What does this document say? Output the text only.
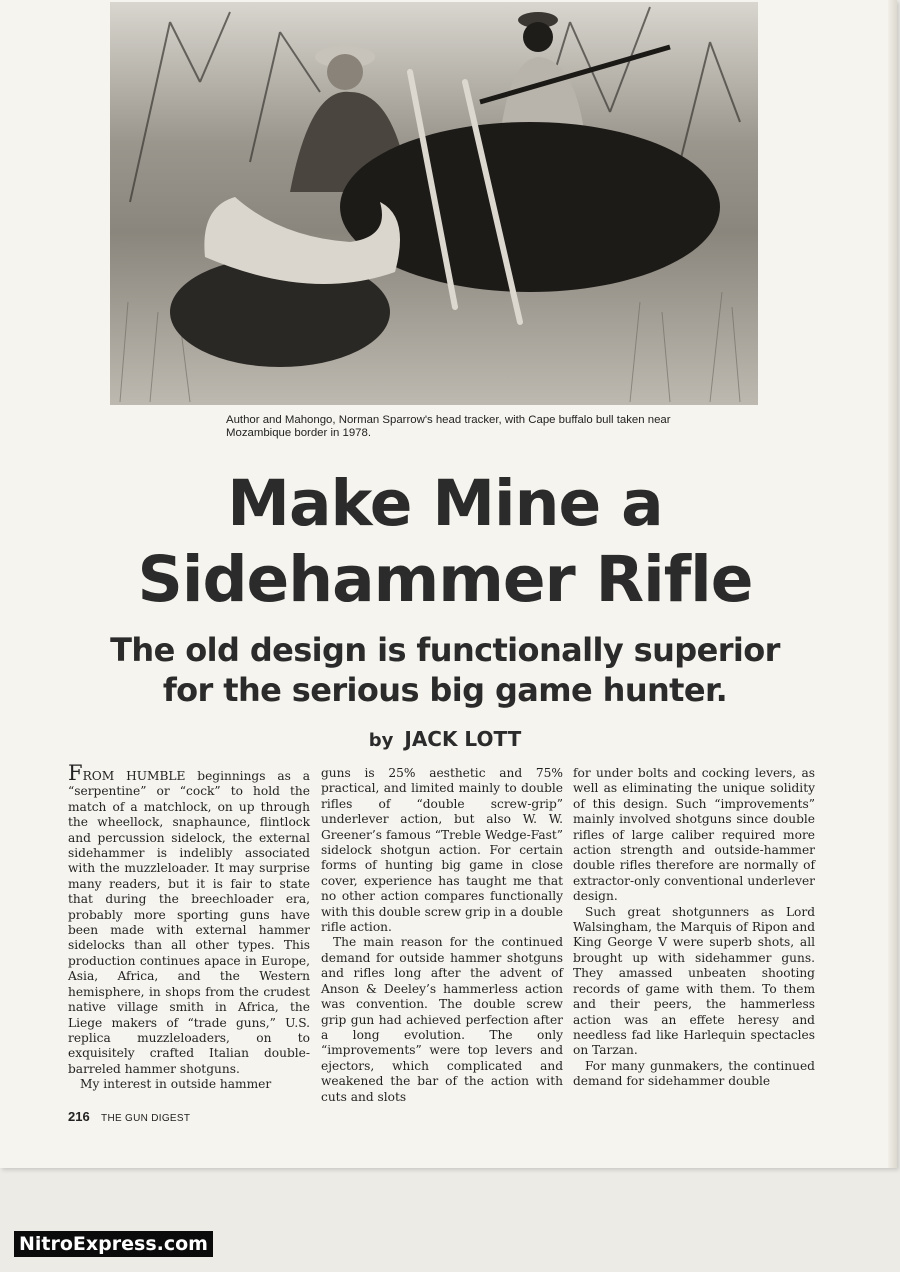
Author and Mahongo, Norman Sparrow's head tracker, with Cape buffalo bull taken near Mozambique border in 1978.
Make Mine a
Sidehammer Rifle
The old design is functionally superior
for the serious big game hunter.
by JACK LOTT

FROM HUMBLE beginnings as a “serpentine” or “cock” to hold the match of a matchlock, on up through the wheellock, snaphaunce, flintlock and percussion sidelock, the external sidehammer is indelibly associated with the muzzleloader. It may surprise many readers, but it is fair to state that during the breechloader era, probably more sporting guns have been made with external hammer sidelocks than all other types. This production continues apace in Europe, Asia, Africa, and the Western hemisphere, in shops from the crudest native village smith in Africa, the Liege makers of “trade guns,” U.S. replica muzzleloaders, on to exquisitely crafted Italian double-barreled hammer shotguns.

My interest in outside hammer

guns is 25% aesthetic and 75% practical, and limited mainly to double rifles of “double screw-grip” underlever action, but also W. W. Greener’s famous “Treble Wedge-Fast” sidelock shotgun action. For certain forms of hunting big game in close cover, experience has taught me that no other action compares functionally with this double screw grip in a double rifle action.

The main reason for the continued demand for outside hammer shotguns and rifles long after the advent of Anson & Deeley’s hammerless action was convention. The double screw grip gun had achieved perfection after a long evolution. The only “improvements” were top levers and ejectors, which complicated and weakened the bar of the action with cuts and slots

for under bolts and cocking levers, as well as eliminating the unique solidity of this design. Such “improvements” mainly involved shotguns since double rifles of large caliber required more action strength and outside-hammer double rifles therefore are normally of extractor-only conventional underlever design.

Such great shotgunners as Lord Walsingham, the Marquis of Ripon and King George V were superb shots, all brought up with sidehammer guns. They amassed unbeaten shooting records of game with them. To them and their peers, the hammerless action was an effete heresy and needless fad like Harlequin spectacles on Tarzan.

For many gunmakers, the continued demand for sidehammer double

216 THE GUN DIGEST
NitroExpress.com
